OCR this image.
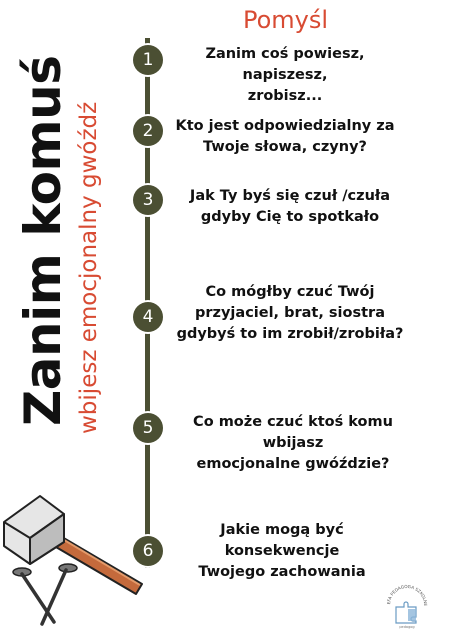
Zanim komuś wbijesz emocjonalny gwóźdź
Pomyśl
1
2
3
4
5
6
Zanim coś powiesz, napiszesz,
zrobisz...
Kto jest odpowiedzialny za
Twoje słowa, czyny?
Jak Ty byś się czuł /czuła
gdyby Cię to spotkało
Co mógłby czuć Twój
przyjaciel, brat, siostra
gdybyś to im zrobił/zrobiła?
Co może czuć ktoś komu wbijasz
emocjonalne gwóździe?
Jakie mogą być konsekwencje
Twojego zachowania
EFA PEDAGOGA SZKOLNE
pedagog
